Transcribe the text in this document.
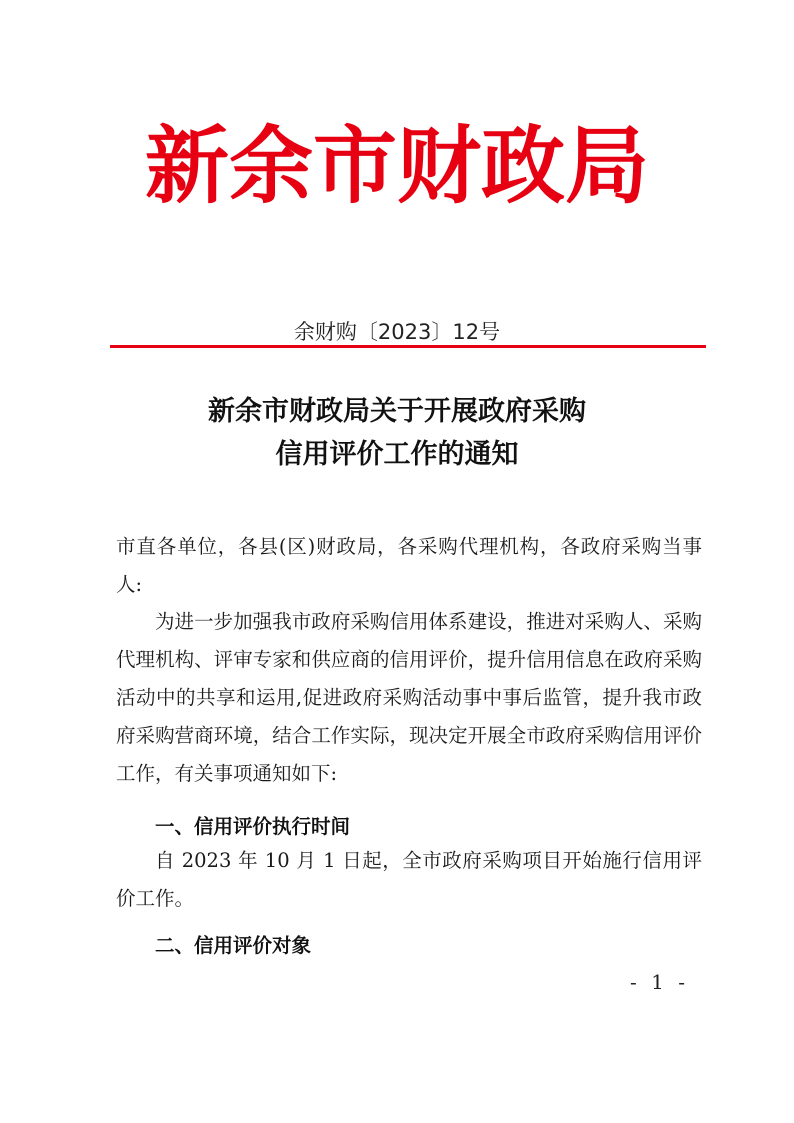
新余市财政局
余财购〔2023〕12号
新余市财政局关于开展政府采购
信用评价工作的通知
市直各单位，各县(区)财政局，各采购代理机构，各政府采购当事人:
为进一步加强我市政府采购信用体系建设，推进对采购人、采购代理机构、评审专家和供应商的信用评价，提升信用信息在政府采购活动中的共享和运用,促进政府采购活动事中事后监管，提升我市政府采购营商环境，结合工作实际，现决定开展全市政府采购信用评价工作，有关事项通知如下:
一、信用评价执行时间
自 2023 年 10 月 1 日起，全市政府采购项目开始施行信用评价工作。
二、信用评价对象
- 1 -
